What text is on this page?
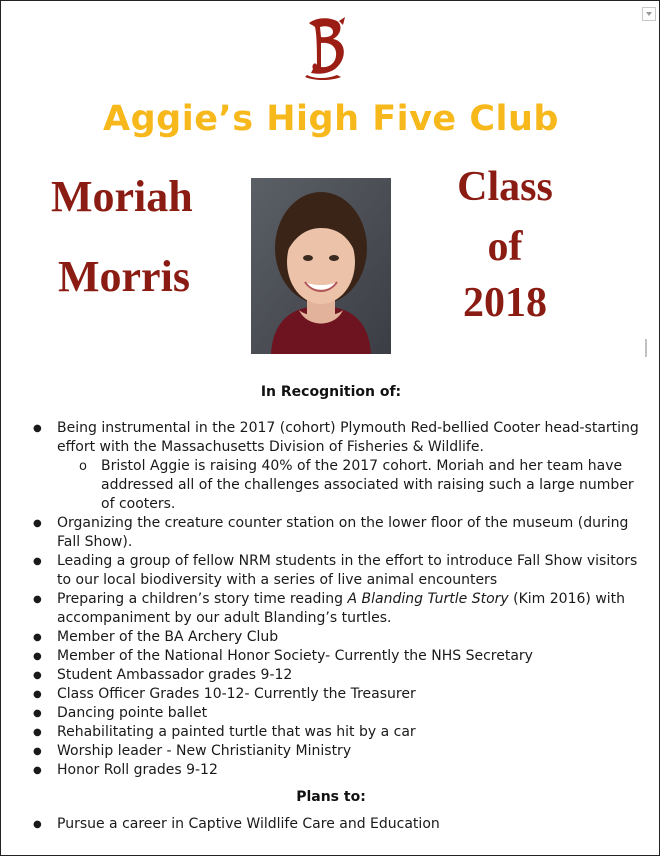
Aggie’s High Five Club
Moriah
Morris
Class
of
2018
In Recognition of:
● Being instrumental in the 2017 (cohort) Plymouth Red-bellied Cooter head-starting effort with the Massachusetts Division of Fisheries & Wildlife.
o Bristol Aggie is raising 40% of the 2017 cohort. Moriah and her team have addressed all of the challenges associated with raising such a large number of cooters.
● Organizing the creature counter station on the lower floor of the museum (during Fall Show).
● Leading a group of fellow NRM students in the effort to introduce Fall Show visitors to our local biodiversity with a series of live animal encounters
● Preparing a children’s story time reading A Blanding Turtle Story (Kim 2016) with accompaniment by our adult Blanding’s turtles.
● Member of the BA Archery Club
● Member of the National Honor Society- Currently the NHS Secretary
● Student Ambassador grades 9-12
● Class Officer Grades 10-12- Currently the Treasurer
● Dancing pointe ballet
● Rehabilitating a painted turtle that was hit by a car
● Worship leader - New Christianity Ministry
● Honor Roll grades 9-12
Plans to:
● Pursue a career in Captive Wildlife Care and Education
